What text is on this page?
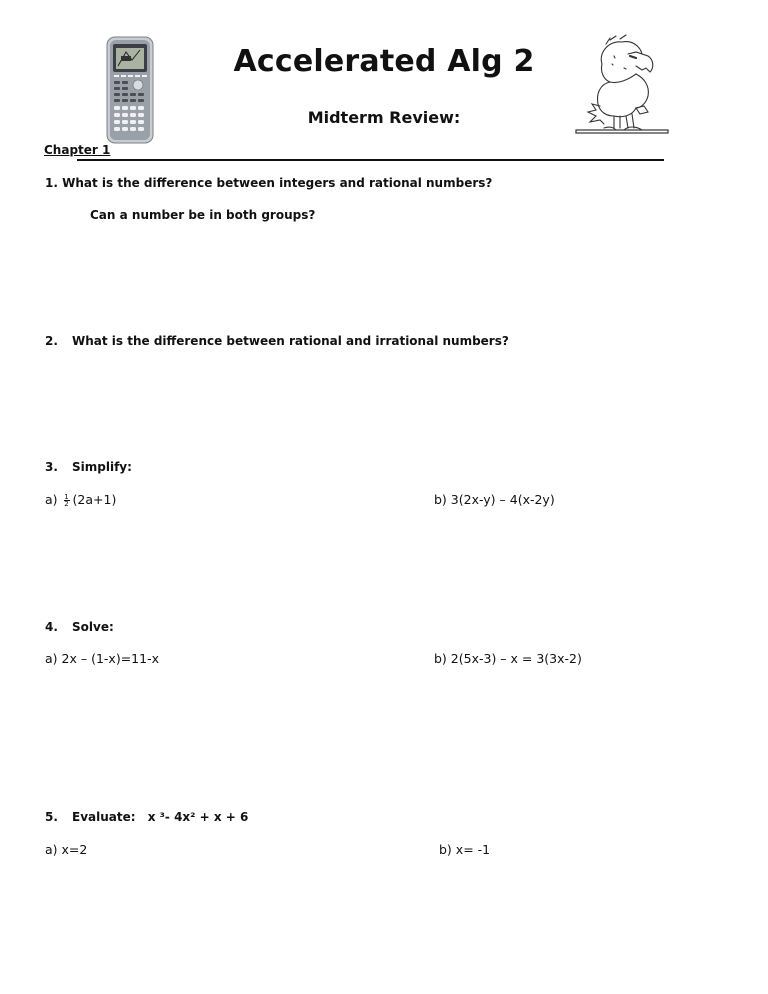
Accelerated Alg 2
Midterm Review:
Chapter 1
1. What is the difference between integers and rational numbers?
Can a number be in both groups?
2. What is the difference between rational and irrational numbers?
3. Simplify:
$a) \frac{1}{2} (2a+1)$	b) 3(2x-y) – 4(x-2y)
4. Solve:
a) 2x – (1-x)=11-x	b) 2(5x-3) – x = 3(3x-2)
5. Evaluate: x ³- 4x² + x + 6
a) x=2	b) x= -1
